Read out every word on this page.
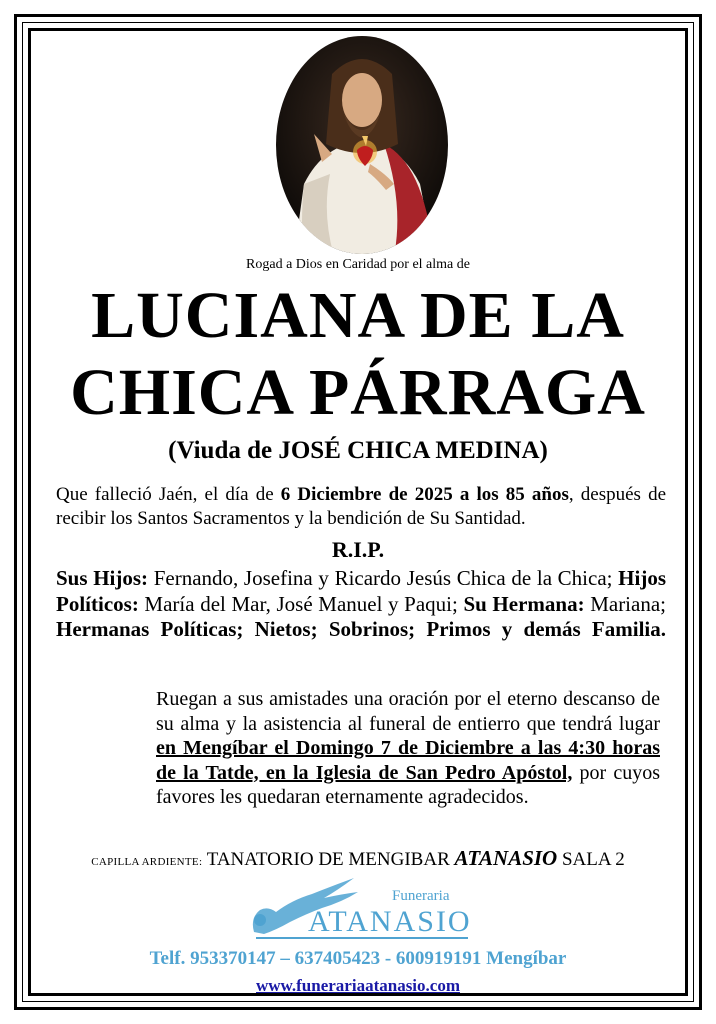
Rogad a Dios en Caridad por el alma de
LUCIANA DE LA
CHICA PÁRRAGA
(Viuda de JOSÉ CHICA MEDINA)
Que falleció Jaén, el día de 6 Diciembre de 2025 a los 85 años, después de recibir los Santos Sacramentos y la bendición de Su Santidad.
R.I.P.
Sus Hijos: Fernando, Josefina y Ricardo Jesús Chica de la Chica; Hijos Políticos: María del Mar, José Manuel y Paqui; Su Hermana: Mariana; Hermanas Políticas; Nietos; Sobrinos; Primos y demás Familia.
Ruegan a sus amistades una oración por el eterno descanso de su alma y la asistencia al funeral de entierro que tendrá lugar en Mengíbar el Domingo 7 de Diciembre a las 4:30 horas de la Tatde, en la Iglesia de San Pedro Apóstol, por cuyos favores les quedaran eternamente agradecidos.
CAPILLA ARDIENTE: TANATORIO DE MENGIBAR ATANASIO SALA 2
Funeraria
ATANASIO
Telf. 953370147 – 637405423 - 600919191 Mengíbar
www.funerariaatanasio.com
